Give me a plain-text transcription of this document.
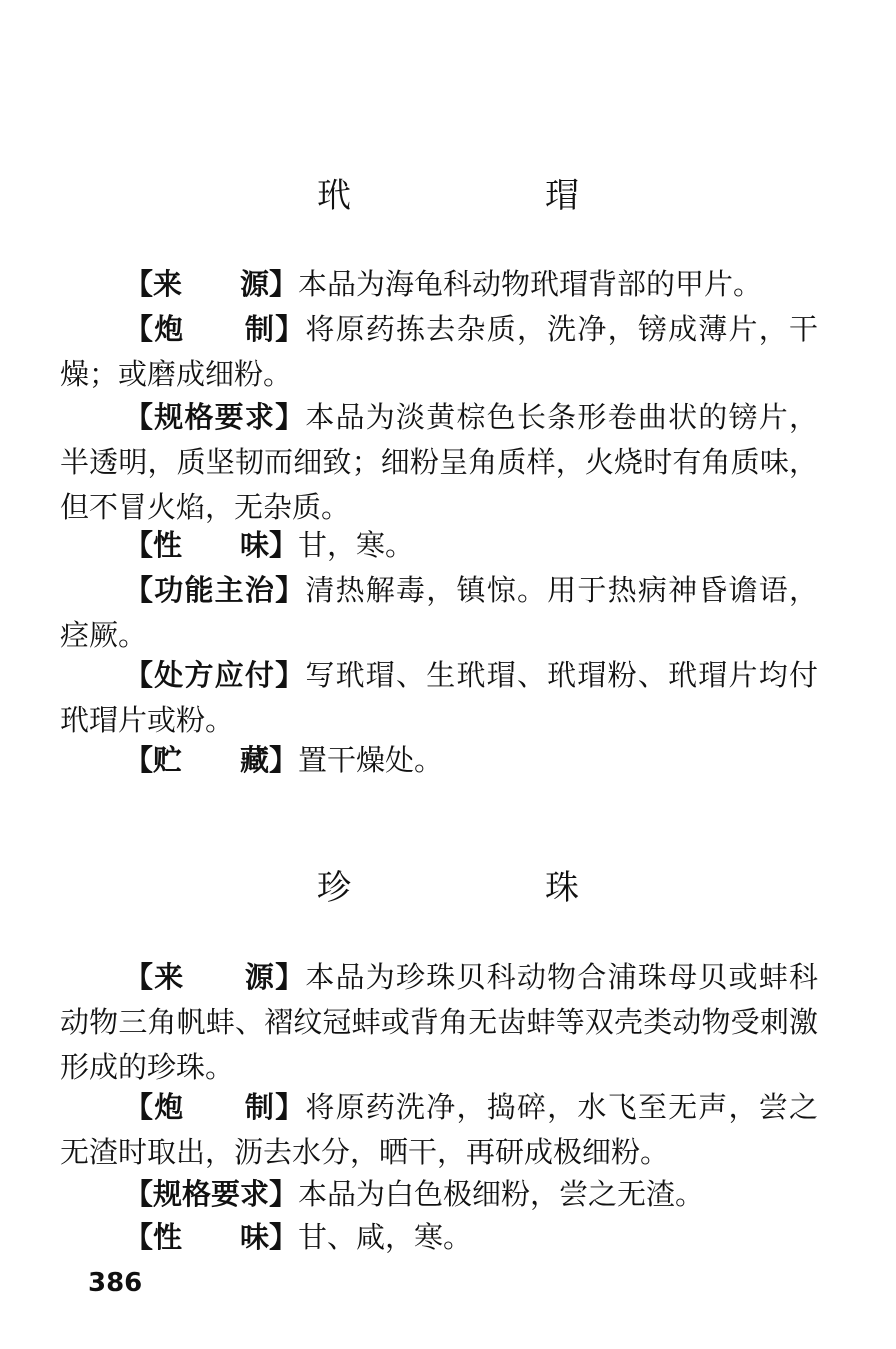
玳　瑁

【来　　源】本品为海龟科动物玳瑁背部的甲片。

【炮　　制】将原药拣去杂质，洗净，镑成薄片，干燥；或磨成细粉。

【规格要求】本品为淡黄棕色长条形卷曲状的镑片，半透明，质坚韧而细致；细粉呈角质样，火烧时有角质味，但不冒火焰，无杂质。

【性　　味】甘，寒。

【功能主治】清热解毒，镇惊。用于热病神昏谵语，痉厥。

【处方应付】写玳瑁、生玳瑁、玳瑁粉、玳瑁片均付玳瑁片或粉。

【贮　　藏】置干燥处。

珍　珠

【来　　源】本品为珍珠贝科动物合浦珠母贝或蚌科动物三角帆蚌、褶纹冠蚌或背角无齿蚌等双壳类动物受刺激形成的珍珠。

【炮　　制】将原药洗净，捣碎，水飞至无声，尝之无渣时取出，沥去水分，晒干，再研成极细粉。

【规格要求】本品为白色极细粉，尝之无渣。

【性　　味】甘、咸，寒。

386
